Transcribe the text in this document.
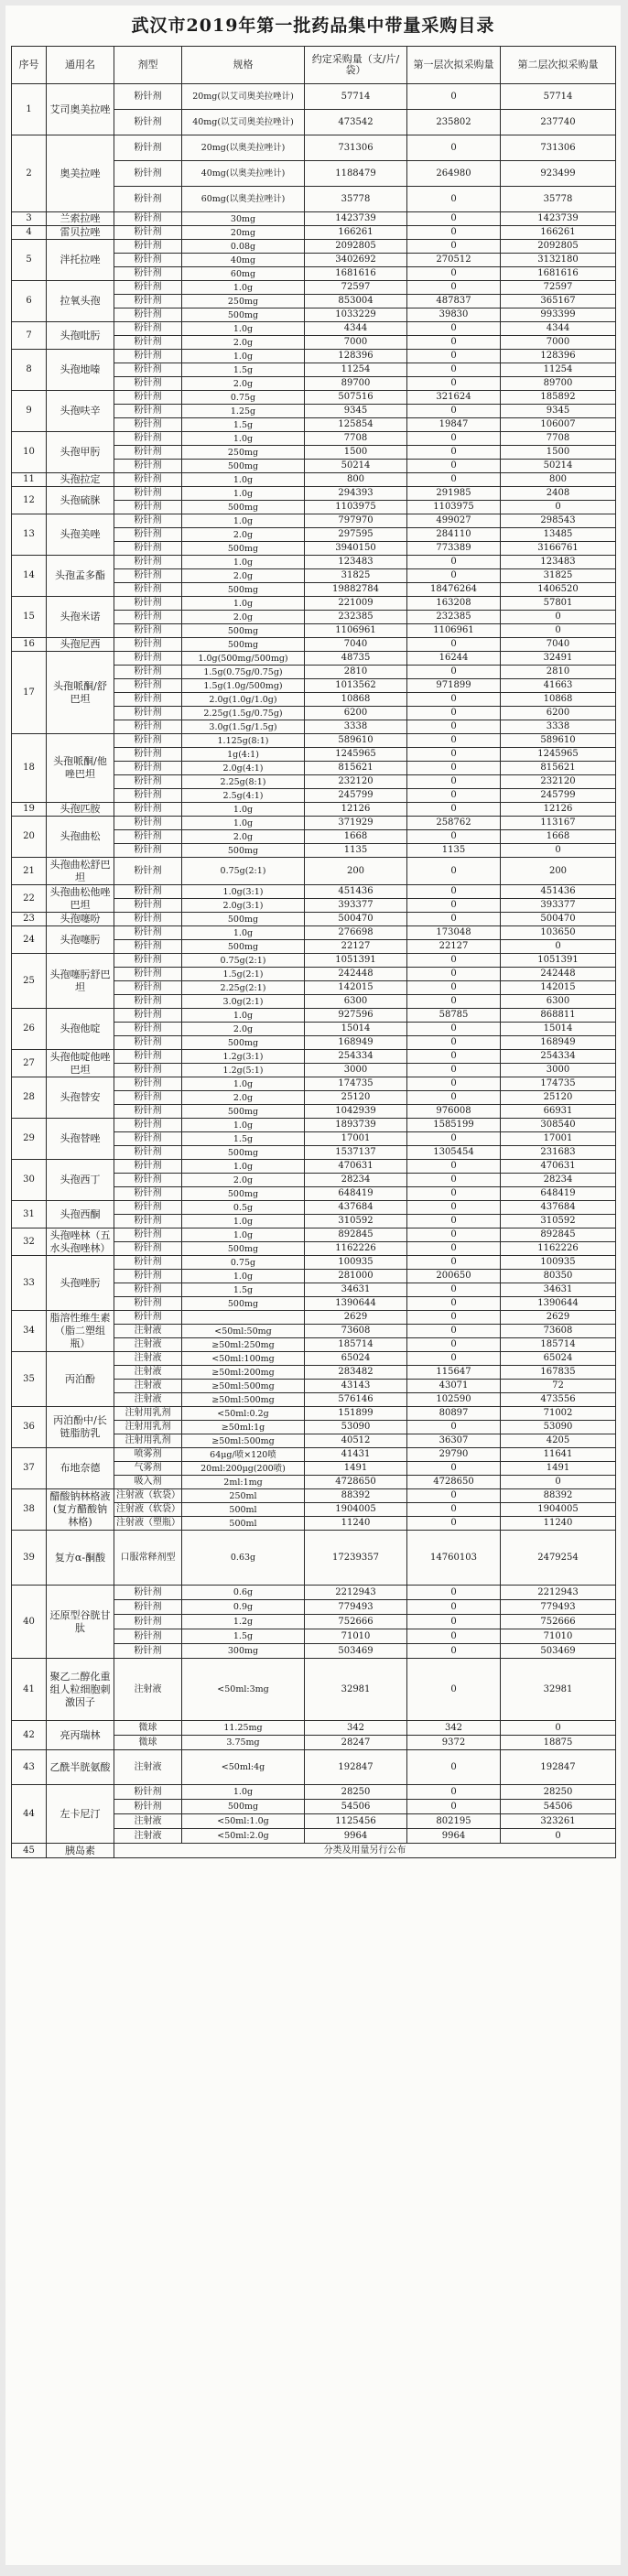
武汉市2019年第一批药品集中带量采购目录
序号	通用名	剂型	规格	约定采购量（支/片/袋）	第一层次拟采购量	第二层次拟采购量
1	艾司奥美拉唑	粉针剂	20mg(以艾司奥美拉唑计)	57714	0	57714
		粉针剂	40mg(以艾司奥美拉唑计)	473542	235802	237740
2	奥美拉唑	粉针剂	20mg(以奥美拉唑计)	731306	0	731306
		粉针剂	40mg(以奥美拉唑计)	1188479	264980	923499
		粉针剂	60mg(以奥美拉唑计)	35778	0	35778
3	兰索拉唑	粉针剂	30mg	1423739	0	1423739
4	雷贝拉唑	粉针剂	20mg	166261	0	166261
5	泮托拉唑	粉针剂	0.08g	2092805	0	2092805
		粉针剂	40mg	3402692	270512	3132180
		粉针剂	60mg	1681616	0	1681616
6	拉氧头孢	粉针剂	1.0g	72597	0	72597
		粉针剂	250mg	853004	487837	365167
		粉针剂	500mg	1033229	39830	993399
7	头孢吡肟	粉针剂	1.0g	4344	0	4344
		粉针剂	2.0g	7000	0	7000
8	头孢地嗪	粉针剂	1.0g	128396	0	128396
		粉针剂	1.5g	11254	0	11254
		粉针剂	2.0g	89700	0	89700
9	头孢呋辛	粉针剂	0.75g	507516	321624	185892
		粉针剂	1.25g	9345	0	9345
		粉针剂	1.5g	125854	19847	106007
10	头孢甲肟	粉针剂	1.0g	7708	0	7708
		粉针剂	250mg	1500	0	1500
		粉针剂	500mg	50214	0	50214
11	头孢拉定	粉针剂	1.0g	800	0	800
12	头孢硫脒	粉针剂	1.0g	294393	291985	2408
		粉针剂	500mg	1103975	1103975	0
13	头孢美唑	粉针剂	1.0g	797970	499027	298543
		粉针剂	2.0g	297595	284110	13485
		粉针剂	500mg	3940150	773389	3166761
14	头孢孟多酯	粉针剂	1.0g	123483	0	123483
		粉针剂	2.0g	31825	0	31825
		粉针剂	500mg	19882784	18476264	1406520
15	头孢米诺	粉针剂	1.0g	221009	163208	57801
		粉针剂	2.0g	232385	232385	0
		粉针剂	500mg	1106961	1106961	0
16	头孢尼西	粉针剂	500mg	7040	0	7040
17	头孢哌酮/舒巴坦	粉针剂	1.0g(500mg/500mg)	48735	16244	32491
		粉针剂	1.5g(0.75g/0.75g)	2810	0	2810
		粉针剂	1.5g(1.0g/500mg)	1013562	971899	41663
		粉针剂	2.0g(1.0g/1.0g)	10868	0	10868
		粉针剂	2.25g(1.5g/0.75g)	6200	0	6200
		粉针剂	3.0g(1.5g/1.5g)	3338	0	3338
18	头孢哌酮/他唑巴坦	粉针剂	1.125g(8:1)	589610	0	589610
		粉针剂	1g(4:1)	1245965	0	1245965
		粉针剂	2.0g(4:1)	815621	0	815621
		粉针剂	2.25g(8:1)	232120	0	232120
		粉针剂	2.5g(4:1)	245799	0	245799
19	头孢匹胺	粉针剂	1.0g	12126	0	12126
20	头孢曲松	粉针剂	1.0g	371929	258762	113167
		粉针剂	2.0g	1668	0	1668
		粉针剂	500mg	1135	1135	0
21	头孢曲松舒巴坦	粉针剂	0.75g(2:1)	200	0	200
22	头孢曲松他唑巴坦	粉针剂	1.0g(3:1)	451436	0	451436
		粉针剂	2.0g(3:1)	393377	0	393377
23	头孢噻吩	粉针剂	500mg	500470	0	500470
24	头孢噻肟	粉针剂	1.0g	276698	173048	103650
		粉针剂	500mg	22127	22127	0
25	头孢噻肟舒巴坦	粉针剂	0.75g(2:1)	1051391	0	1051391
		粉针剂	1.5g(2:1)	242448	0	242448
		粉针剂	2.25g(2:1)	142015	0	142015
		粉针剂	3.0g(2:1)	6300	0	6300
26	头孢他啶	粉针剂	1.0g	927596	58785	868811
		粉针剂	2.0g	15014	0	15014
		粉针剂	500mg	168949	0	168949
27	头孢他啶他唑巴坦	粉针剂	1.2g(3:1)	254334	0	254334
		粉针剂	1.2g(5:1)	3000	0	3000
28	头孢替安	粉针剂	1.0g	174735	0	174735
		粉针剂	2.0g	25120	0	25120
		粉针剂	500mg	1042939	976008	66931
29	头孢替唑	粉针剂	1.0g	1893739	1585199	308540
		粉针剂	1.5g	17001	0	17001
		粉针剂	500mg	1537137	1305454	231683
30	头孢西丁	粉针剂	1.0g	470631	0	470631
		粉针剂	2.0g	28234	0	28234
		粉针剂	500mg	648419	0	648419
31	头孢西酮	粉针剂	0.5g	437684	0	437684
		粉针剂	1.0g	310592	0	310592
32	头孢唑林（五水头孢唑林）	粉针剂	1.0g	892845	0	892845
		粉针剂	500mg	1162226	0	1162226
33	头孢唑肟	粉针剂	0.75g	100935	0	100935
		粉针剂	1.0g	281000	200650	80350
		粉针剂	1.5g	34631	0	34631
		粉针剂	500mg	1390644	0	1390644
34	脂溶性维生素（脂二塑组瓶）	粉针剂		2629	0	2629
		注射液	<50ml:50mg	73608	0	73608
		注射液	≥50ml:250mg	185714	0	185714
35	丙泊酚	注射液	<50ml:100mg	65024	0	65024
		注射液	≥50ml:200mg	283482	115647	167835
		注射液	≥50ml:500mg	43143	43071	72
		注射液	≥50ml:500mg	576146	102590	473556
36	丙泊酚中/长链脂肪乳	注射用乳剂	<50ml:0.2g	151899	80897	71002
		注射用乳剂	≥50ml:1g	53090	0	53090
		注射用乳剂	≥50ml:500mg	40512	36307	4205
37	布地奈德	喷雾剂	64μg/喷×120喷	41431	29790	11641
		气雾剂	20ml:200μg(200喷)	1491	0	1491
		吸入剂	2ml:1mg	4728650	4728650	0
38	醋酸钠林格液(复方醋酸钠林格)	注射液（软袋）	250ml	88392	0	88392
		注射液（软袋）	500ml	1904005	0	1904005
		注射液（塑瓶）	500ml	11240	0	11240
39	复方α-酮酸	口服常释剂型	0.63g	17239357	14760103	2479254
40	还原型谷胱甘肽	粉针剂	0.6g	2212943	0	2212943
		粉针剂	0.9g	779493	0	779493
		粉针剂	1.2g	752666	0	752666
		粉针剂	1.5g	71010	0	71010
		粉针剂	300mg	503469	0	503469
41	聚乙二醇化重组人粒细胞刺激因子	注射液	<50ml:3mg	32981	0	32981
42	亮丙瑞林	微球	11.25mg	342	342	0
		微球	3.75mg	28247	9372	18875
43	乙酰半胱氨酸	注射液	<50ml:4g	192847	0	192847
44	左卡尼汀	粉针剂	1.0g	28250	0	28250
		粉针剂	500mg	54506	0	54506
		注射液	<50ml:1.0g	1125456	802195	323261
		注射液	<50ml:2.0g	9964	9964	0
45	胰岛素	分类及用量另行公布				
